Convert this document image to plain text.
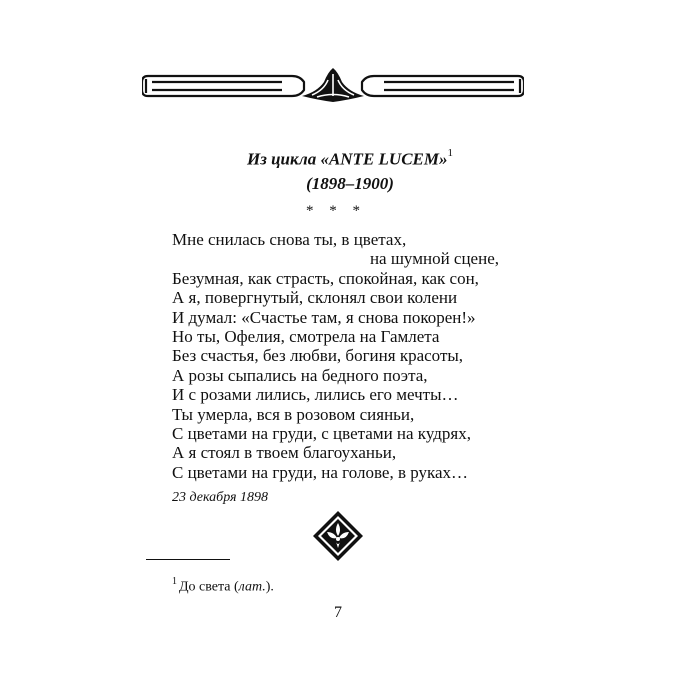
Из цикла «ANTE LUCEM»$^1$
(1898–1900)
* * *
Мне снилась снова ты, в цветах,
на шумной сцене,
Безумная, как страсть, спокойная, как сон,
А я, повергнутый, склонял свои колени
И думал: «Счастье там, я снова покорен!»
Но ты, Офелия, смотрела на Гамлета
Без счастья, без любви, богиня красоты,
А розы сыпались на бедного поэта,
И с розами лились, лились его мечты…
Ты умерла, вся в розовом сияньи,
С цветами на груди, с цветами на кудрях,
А я стоял в твоем благоуханьи,
С цветами на груди, на голове, в руках…
23 декабря 1898
$^1$ До света (лат.).
7
